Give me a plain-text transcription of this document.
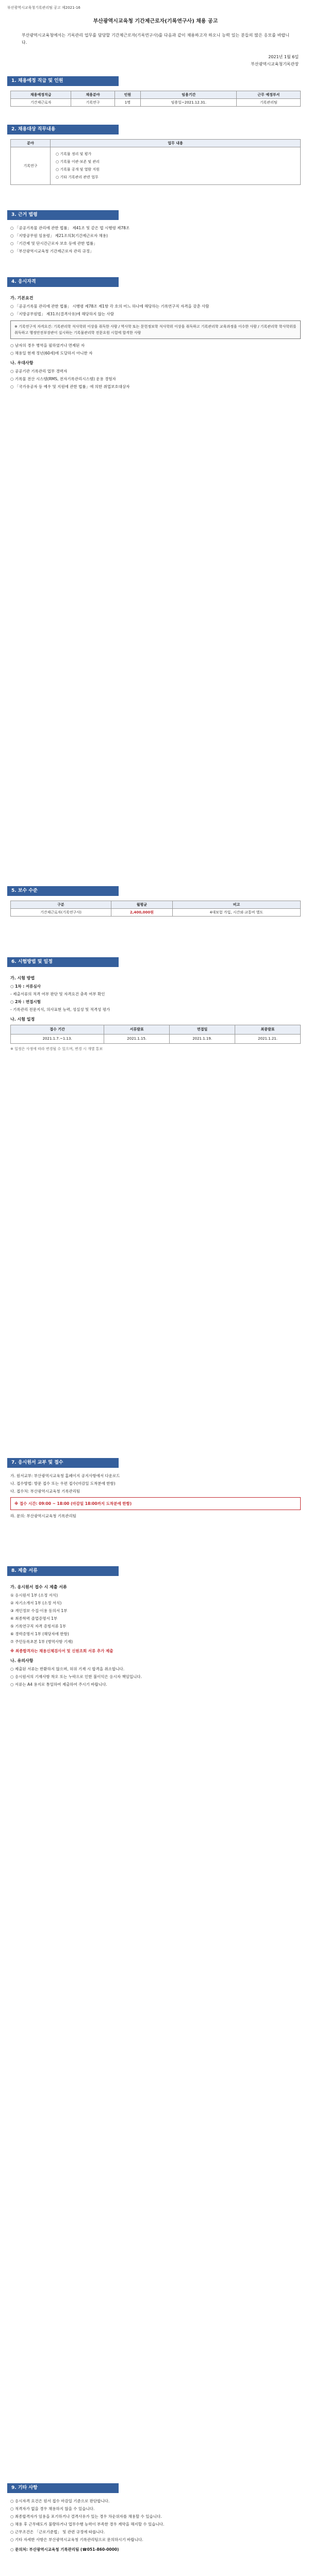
부산광역시교육청기록관리팀 공고 제2021-16
부산광역시교육청 기간제근로자(기록연구사) 채용 공고
부산광역시교육청에서는 기록관리 업무를 담당할 기간제근로자(기록연구사)를 다음과 같이 채용하고자 하오니 능력 있는 분들의 많은 응모를 바랍니다.
2021년 1월 6일
부산광역시교육청기록관장
1. 채용예정 직급 및 인원
채용예정직급	채용분야	인원	임용기간	근무 예정부서
기간제근로자	기록연구	1명	임용일~2021.12.31.	기록관리팀
2. 채용대상 직무내용
분야	업무 내용
기록연구	○ 기록물 정리 및 평가
○ 기록물 이관·보존 및 관리
○ 기록물 공개 및 열람 지원
○ 기타 기록관리 관련 업무
3. 근거 법령

○ 「공공기록물 관리에 관한 법률」 제41조 및 같은 법 시행령 제78조

○ 「지방공무원 임용령」 제21조의3(기간제근로자 채용)

○ 「기간제 및 단시간근로자 보호 등에 관한 법률」

○ 「부산광역시교육청 기간제근로자 관리 규정」

4. 응시자격
가. 기본요건

○ 「공공기록물 관리에 관한 법률」 시행령 제78조 제1항 각 호의 어느 하나에 해당하는 기록연구직 자격을 갖춘 사람

○ 「지방공무원법」 제31조(결격사유)에 해당하지 않는 사람

※ 기록연구직 자격요건: 기록관리학 석사학위 이상을 취득한 사람 / 역사학 또는 문헌정보학 석사학위 이상을 취득하고 기록관리학 교육과정을 이수한 사람 / 기록관리학 학사학위를 취득하고 행정안전부장관이 실시하는 기록물관리학 전문요원 시험에 합격한 사람

○ 남자의 경우 병역을 필하였거나 면제된 자

○ 채용일 현재 정년(60세)에 도달하지 아니한 자

나. 우대사항

○ 공공기관 기록관리 업무 경력자

○ 기록물 전산 시스템(RMS, 전자기록관리시스템) 운용 경험자

○ 「국가유공자 등 예우 및 지원에 관한 법률」에 의한 취업보호대상자

5. 보수 수준
구분	월평균	비고
기간제근로자(기록연구사)	2,400,000원	4대보험 가입, 시간외·교통비 별도
6. 시험방법 및 일정
가. 시험 방법

○ 1차 : 서류심사

- 제출서류의 적격 여부 판단 및 자격요건 충족 여부 확인

○ 2차 : 면접시험

- 기록관리 전문지식, 의사표현 능력, 성실성 및 적격성 평가

나. 시험 일정
접수 기간	서류발표	면접일	최종발표
2021.1.7.~1.13.	2021.1.15.	2021.1.19.	2021.1.21.

※ 일정은 사정에 따라 변경될 수 있으며, 변경 시 개별 통보

7. 응시원서 교부 및 접수

가. 원서교부: 부산광역시교육청 홈페이지 공지사항에서 다운로드

나. 접수방법: 방문 접수 또는 우편 접수(마감일 도착분에 한함)

다. 접수처: 부산광역시교육청 기록관리팀

※ 접수 시간: 09:00 ~ 18:00 (마감일 18:00까지 도착분에 한함)

라. 문의: 부산광역시교육청 기록관리팀

8. 제출 서류
가. 응시원서 접수 시 제출 서류

① 응시원서 1부 (소정 서식)

② 자기소개서 1부 (소정 서식)

③ 개인정보 수집·이용 동의서 1부

④ 최종학력 졸업증명서 1부

⑤ 기록연구직 자격 증빙서류 1부

⑥ 경력증명서 1부 (해당자에 한함)

⑦ 주민등록초본 1부 (병역사항 기재)

※ 최종합격자는 채용신체검사서 및 신원조회 서류 추가 제출

나. 유의사항

○ 제출된 서류는 반환하지 않으며, 허위 기재 시 합격을 취소합니다.

○ 응시원서의 기재사항 착오 또는 누락으로 인한 불이익은 응시자 책임입니다.

○ 서류는 A4 용지로 통일하여 제출하여 주시기 바랍니다.

9. 기타 사항

○ 응시자격 요건은 원서 접수 마감일 기준으로 판단합니다.

○ 적격자가 없을 경우 채용하지 않을 수 있습니다.

○ 최종합격자가 임용을 포기하거나 결격사유가 있는 경우 차순위자를 채용할 수 있습니다.

○ 채용 후 근무태도가 불량하거나 업무수행 능력이 부족한 경우 계약을 해지할 수 있습니다.

○ 근무조건은 「근로기준법」 및 관련 규정에 따릅니다.

○ 기타 자세한 사항은 부산광역시교육청 기록관리팀으로 문의하시기 바랍니다.

○ 문의처: 부산광역시교육청 기록관리팀 (☎051-860-0000)
